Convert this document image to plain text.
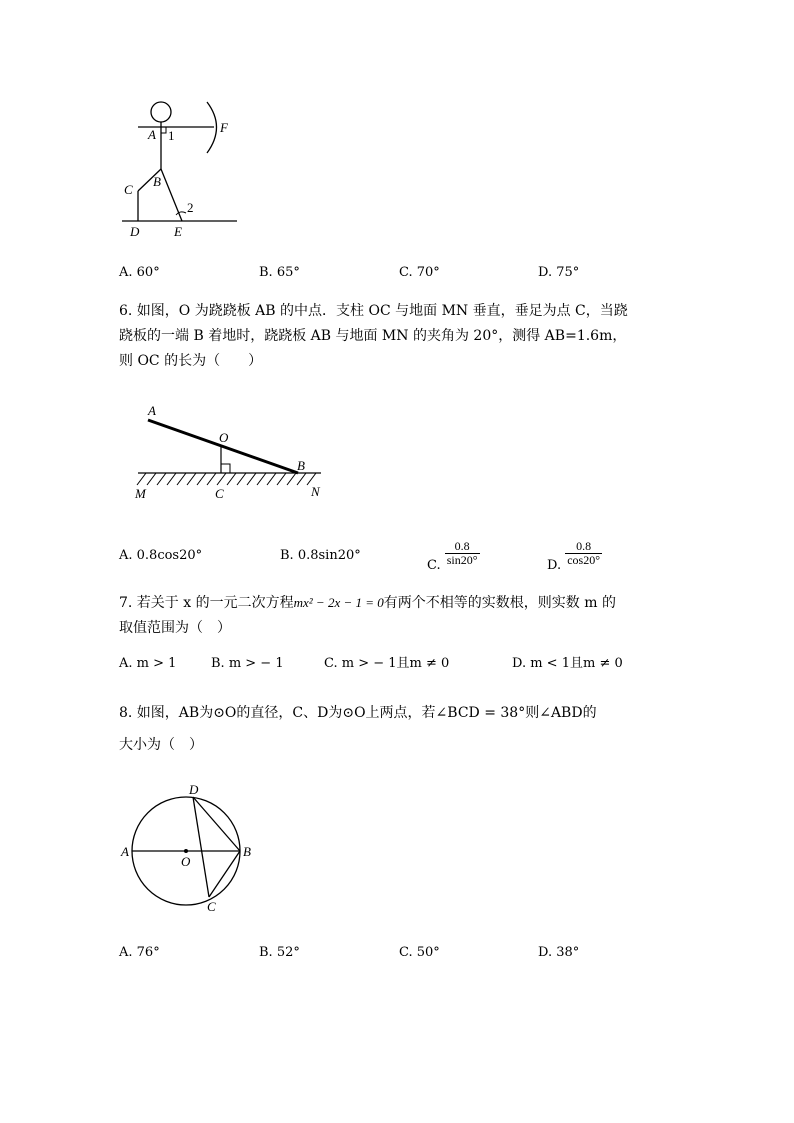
A 1
F
B
C
2
D	E
A. 60°	B. 65°	C. 70°	D. 75°
6. 如图，O 为跷跷板 AB 的中点．支柱 OC 与地面 MN 垂直，垂足为点 C，当跷
跷板的一端 B 着地时，跷跷板 AB 与地面 MN 的夹角为 20°，测得 AB=1.6m，
则 OC 的长为（　　）
A
O
B
M	C	N
A. 0.8cos20°	B. 0.8sin20°
C. $\frac{0.8}{\sin 20^\circ}$	D. $\frac{0.8}{\cos 20^\circ}$
7. 若关于 x 的一元二次方程mx² − 2x − 1 = 0有两个不相等的实数根，则实数 m 的
取值范围为（　）
A. m > 1	B. m > − 1	C. m > − 1且m ≠ 0	D. m < 1且m ≠ 0
8. 如图，AB为⊙O的直径，C、D为⊙O上两点，若∠BCD = 38°则∠ABD的
大小为（　）
D
A
O
B
C
A. 76°	B. 52°	C. 50°	D. 38°
